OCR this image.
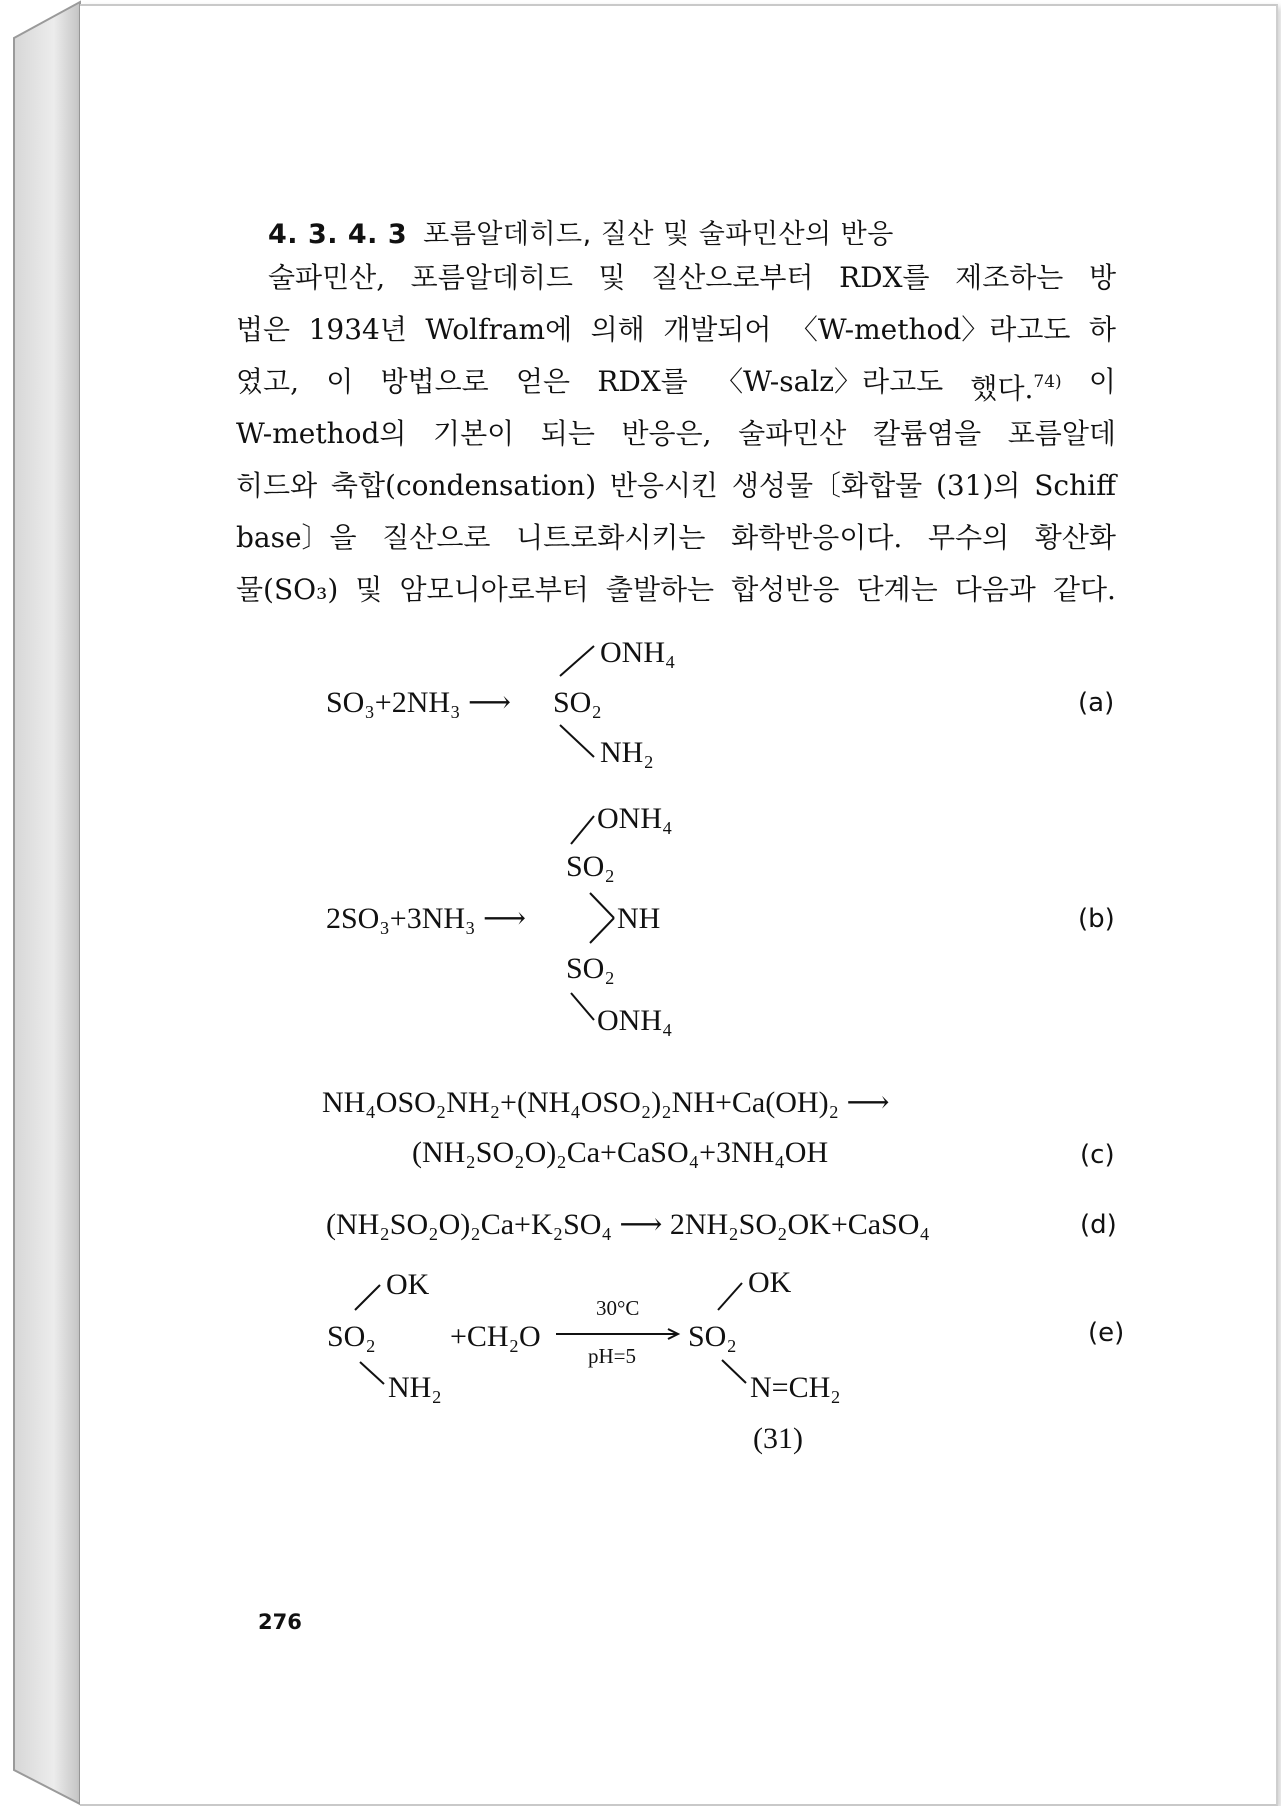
4. 3. 4. 3 포름알데히드, 질산 및 술파민산의 반응
술파민산, 포름알데히드 및 질산으로부터 RDX를 제조하는 방
법은 1934년 Wolfram에 의해 개발되어 〈W-method〉라고도 하
였고, 이 방법으로 얻은 RDX를 〈W-salz〉라고도 했다.$^{74)}$ 이
W-method의 기본이 되는 반응은, 술파민산 칼륨염을 포름알데
히드와 축합(condensation) 반응시킨 생성물〔화합물 (31)의 Schiff
base〕을 질산으로 니트로화시키는 화학반응이다. 무수의 황산화
물(SO₃) 및 암모니아로부터 출발하는 합성반응 단계는 다음과 같다.
SO₃+2NH₃ ⟶ SO₂
ONH₄
NH₂
(a)
ONH₄
SO₂
2SO₃+3NH₃ ⟶	NH
SO₂
ONH₄
(b)
NH₄OSO₂NH₂+(NH₄OSO₂)₂NH+Ca(OH)₂ ⟶
(NH₂SO₂O)₂Ca+CaSO₄+3NH₄OH	(c)
(NH₂SO₂O)₂Ca+K₂SO₄ ⟶ 2NH₂SO₂OK+CaSO₄	(d)
OK
SO₂
NH₂
+CH₂O
30°C
pH=5
OK
SO₂
N=CH₂
(31)
(e)
276
